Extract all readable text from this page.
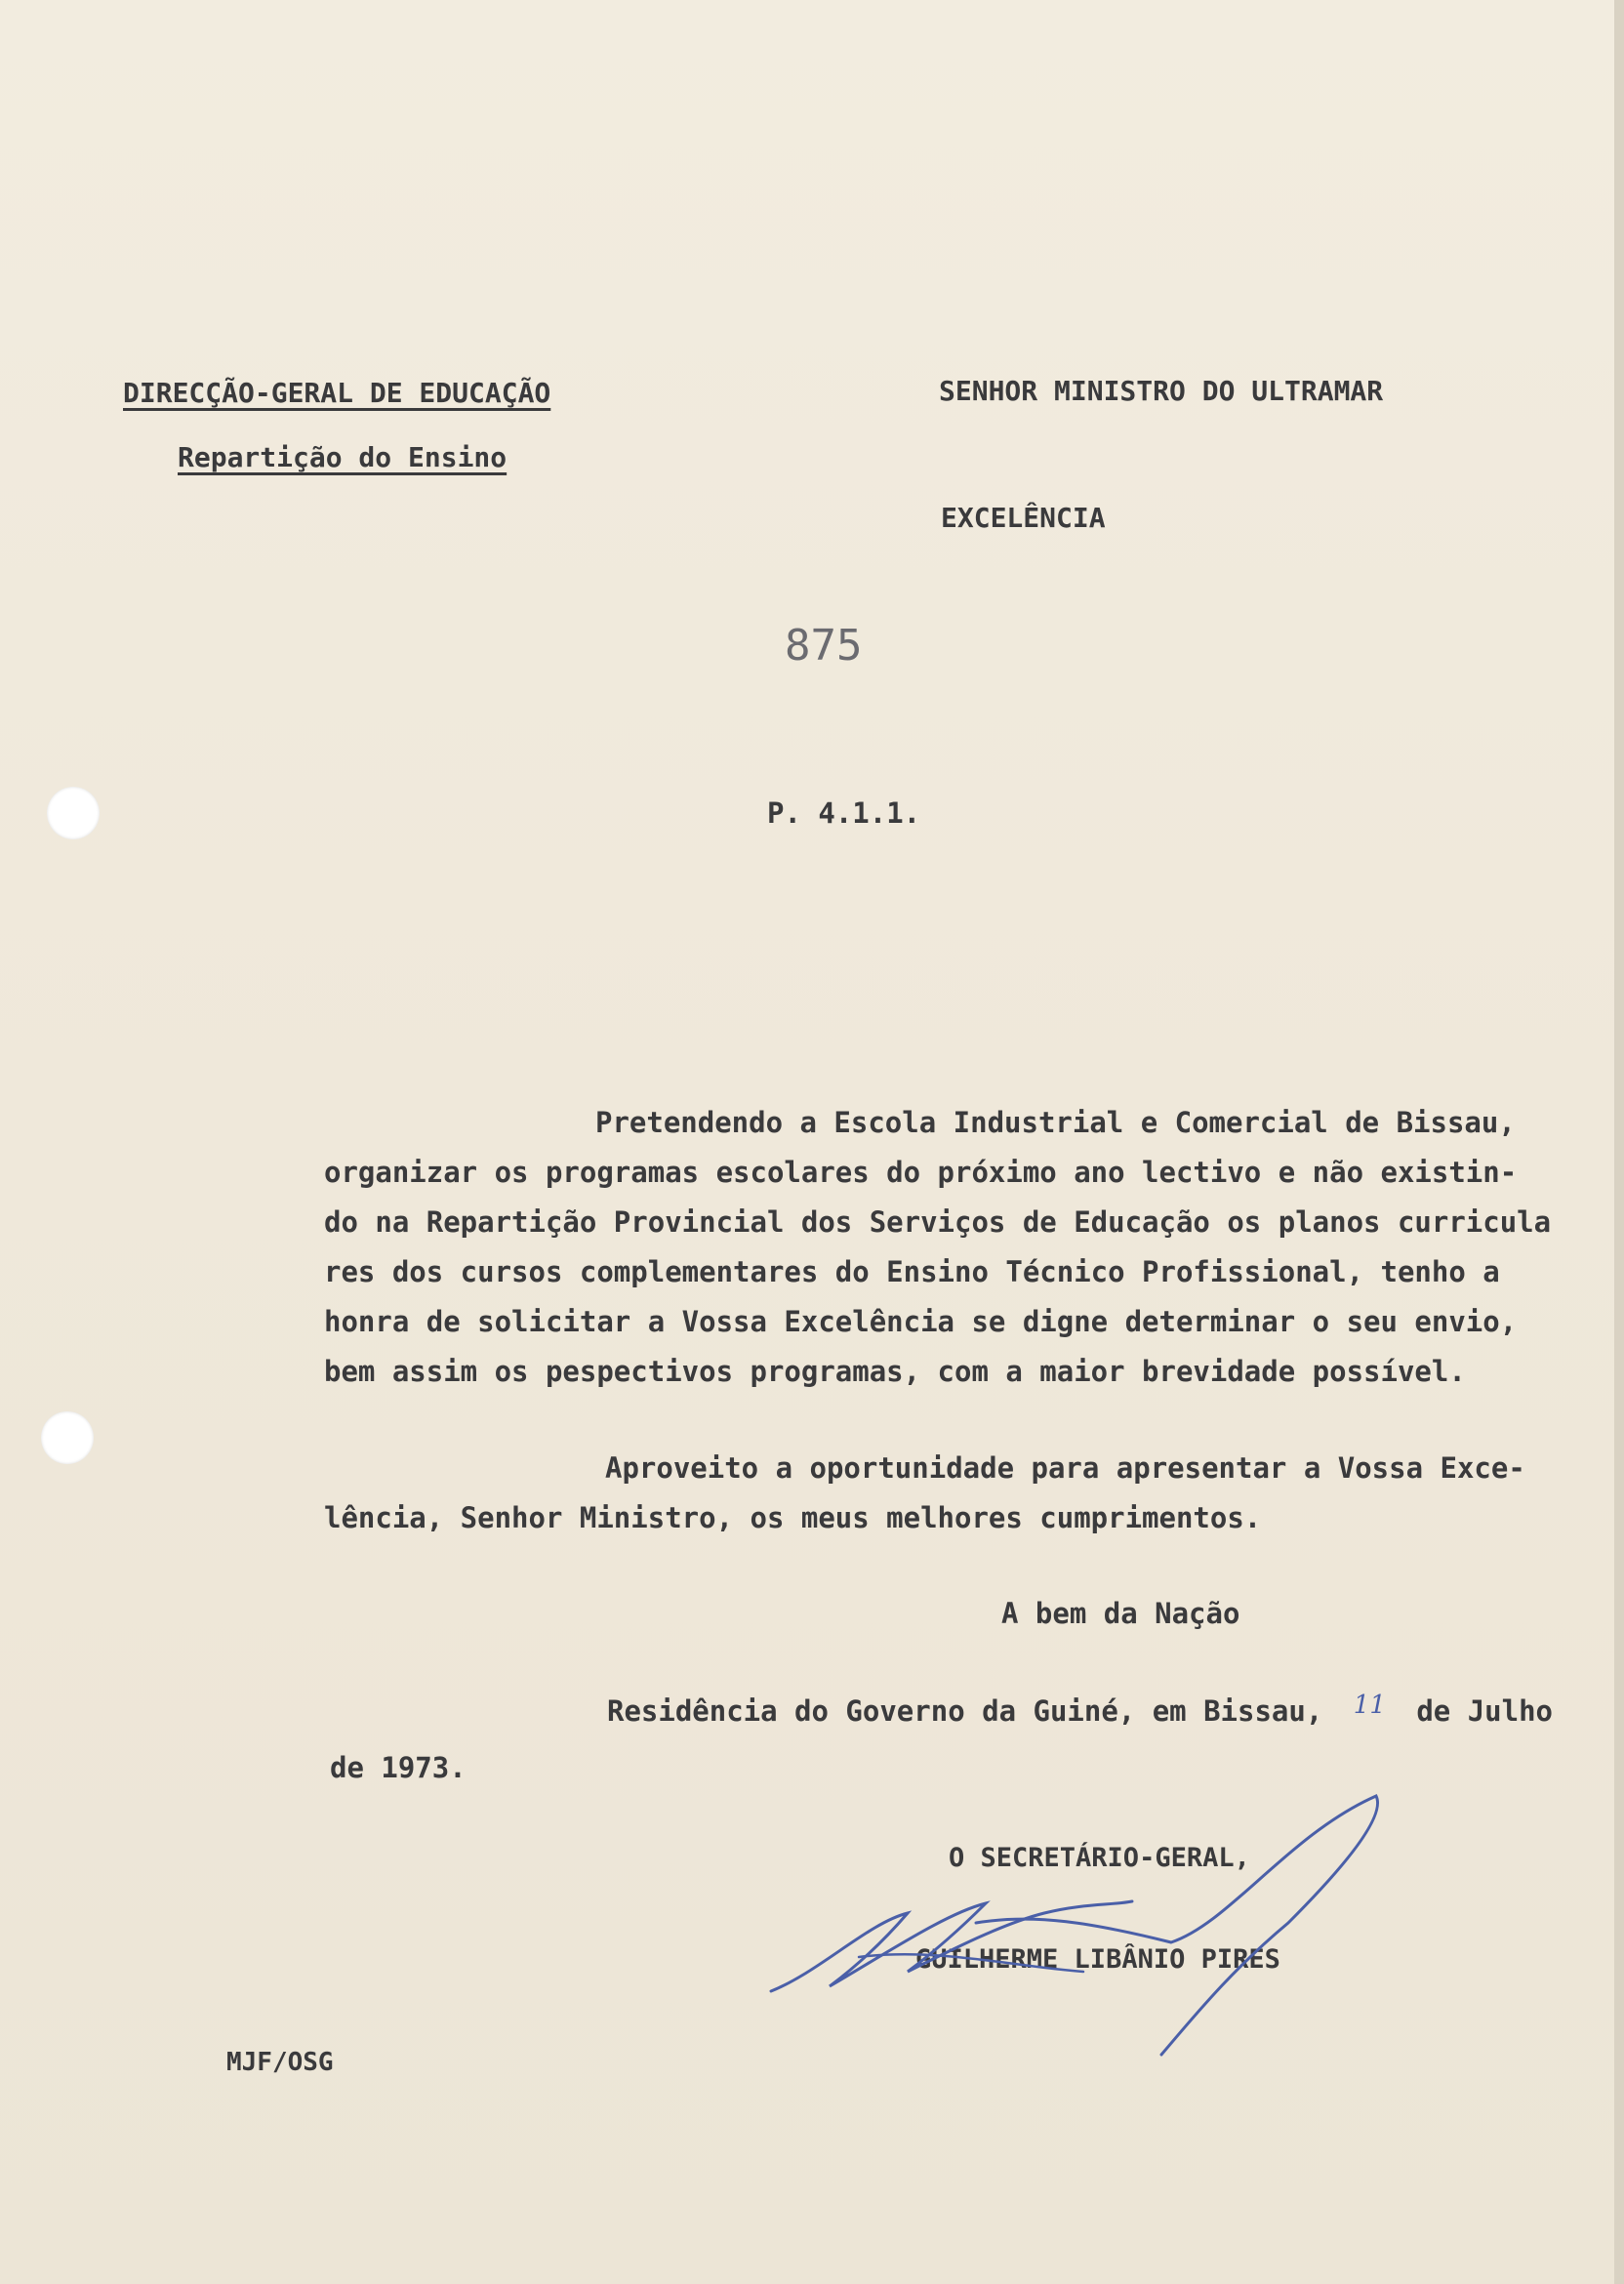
DIRECÇÃO-GERAL DE EDUCAÇÃO
Repartição do Ensino
SENHOR MINISTRO DO ULTRAMAR
EXCELÊNCIA
875
P. 4.1.1.
Pretendendo a Escola Industrial e Comercial de Bissau,
organizar os programas escolares do próximo ano lectivo e não existin-
do na Repartição Provincial dos Serviços de Educação os planos curricula
res dos cursos complementares do Ensino Técnico Profissional, tenho a
honra de solicitar a Vossa Excelência se digne determinar o seu envio,
bem assim os pespectivos programas, com a maior brevidade possível.
Aproveito a oportunidade para apresentar a Vossa Exce-
lência, Senhor Ministro, os meus melhores cumprimentos.
A bem da Nação
Residência do Governo da Guiné, em Bissau, 11 de Julho
de 1973.
O SECRETÁRIO-GERAL,
GUILHERME LIBÂNIO PIRES
MJF/OSG
